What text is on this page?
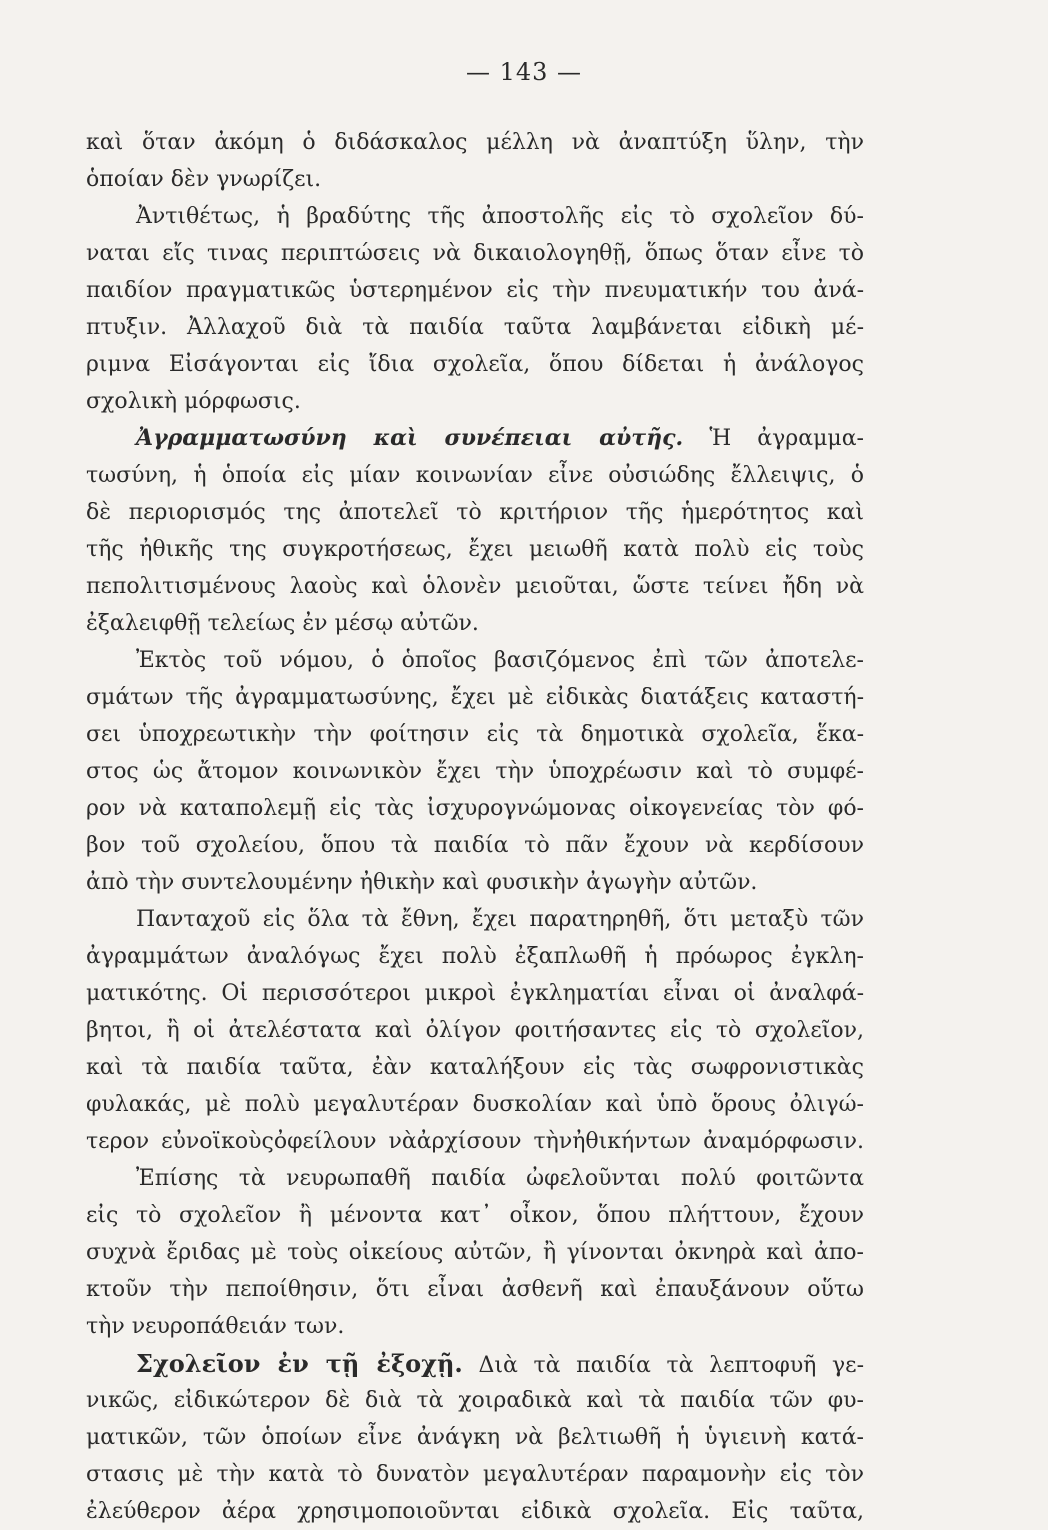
— 143 —
καὶ ὅταν ἀκόμη ὁ διδάσκαλος μέλλη νὰ ἀναπτύξη ὕλην, τὴν
ὁποίαν δὲν γνωρίζει.
Ἀντιθέτως, ἡ βραδύτης τῆς ἀποστολῆς εἰς τὸ σχολεῖον δύ-
ναται εἴς τινας περιπτώσεις νὰ δικαιολογηθῇ, ὅπως ὅταν εἶνε τὸ
παιδίον πραγματικῶς ὑστερημένον εἰς τὴν πνευματικήν του ἀνά-
πτυξιν. Ἀλλαχοῦ διὰ τὰ παιδία ταῦτα λαμβάνεται εἰδικὴ μέ-
ριμνα Εἰσάγονται εἰς ἴδια σχολεῖα, ὅπου δίδεται ἡ ἀνάλογος
σχολικὴ μόρφωσις.
Ἀγραμματωσύνη καὶ συνέπειαι αὐτῆς. Ἡ ἀγραμμα-
τωσύνη, ἡ ὁποία εἰς μίαν κοινωνίαν εἶνε οὐσιώδης ἔλλειψις, ὁ
δὲ περιορισμός της ἀποτελεῖ τὸ κριτήριον τῆς ἡμερότητος καὶ
τῆς ἠθικῆς της συγκροτήσεως, ἔχει μειωθῆ κατὰ πολὺ εἰς τοὺς
πεπολιτισμένους λαοὺς καὶ ὁλονὲν μειοῦται, ὥστε τείνει ἤδη νὰ
ἐξαλειφθῇ τελείως ἐν μέσῳ αὐτῶν.
Ἐκτὸς τοῦ νόμου, ὁ ὁποῖος βασιζόμενος ἐπὶ τῶν ἀποτελε-
σμάτων τῆς ἀγραμματωσύνης, ἔχει μὲ εἰδικὰς διατάξεις καταστή-
σει ὑποχρεωτικὴν τὴν φοίτησιν εἰς τὰ δημοτικὰ σχολεῖα, ἕκα-
στος ὡς ἄτομον κοινωνικὸν ἔχει τὴν ὑποχρέωσιν καὶ τὸ συμφέ-
ρον νὰ καταπολεμῇ εἰς τὰς ἰσχυρογνώμονας οἰκογενείας τὸν φό-
βον τοῦ σχολείου, ὅπου τὰ παιδία τὸ πᾶν ἔχουν νὰ κερδίσουν
ἀπὸ τὴν συντελουμένην ἠθικὴν καὶ φυσικὴν ἀγωγὴν αὐτῶν.
Πανταχοῦ εἰς ὅλα τὰ ἔθνη, ἔχει παρατηρηθῆ, ὅτι μεταξὺ τῶν
ἀγραμμάτων ἀναλόγως ἔχει πολὺ ἐξαπλωθῆ ἡ πρόωρος ἐγκλη-
ματικότης. Οἱ περισσότεροι μικροὶ ἐγκληματίαι εἶναι οἱ ἀναλφά-
βητοι, ἢ οἱ ἀτελέστατα καὶ ὀλίγον φοιτήσαντες εἰς τὸ σχολεῖον,
καὶ τὰ παιδία ταῦτα, ἐὰν καταλήξουν εἰς τὰς σωφρονιστικὰς
φυλακάς, μὲ πολὺ μεγαλυτέραν δυσκολίαν καὶ ὑπὸ ὅρους ὀλιγώ-
τερον εὐνοϊκοὺςὀφείλουν νὰἀρχίσουν τὴνἠθικήντων ἀναμόρφωσιν.
Ἐπίσης τὰ νευρωπαθῆ παιδία ὠφελοῦνται πολύ φοιτῶντα
εἰς τὸ σχολεῖον ἢ μένοντα κατ᾽ οἶκον, ὅπου πλήττουν, ἔχουν
συχνὰ ἔριδας μὲ τοὺς οἰκείους αὐτῶν, ἢ γίνονται ὀκνηρὰ καὶ ἀπο-
κτοῦν τὴν πεποίθησιν, ὅτι εἶναι ἀσθενῆ καὶ ἐπαυξάνουν οὕτω
τὴν νευροπάθειάν των.
Σχολεῖον ἐν τῇ ἐξοχῇ. Διὰ τὰ παιδία τὰ λεπτοφυῆ γε-
νικῶς, εἰδικώτερον δὲ διὰ τὰ χοιραδικὰ καὶ τὰ παιδία τῶν φυ-
ματικῶν, τῶν ὁποίων εἶνε ἀνάγκη νὰ βελτιωθῆ ἡ ὑγιεινὴ κατά-
στασις μὲ τὴν κατὰ τὸ δυνατὸν μεγαλυτέραν παραμονὴν εἰς τὸν
ἐλεύθερον ἀέρα χρησιμοποιοῦνται εἰδικὰ σχολεῖα. Εἰς ταῦτα,
